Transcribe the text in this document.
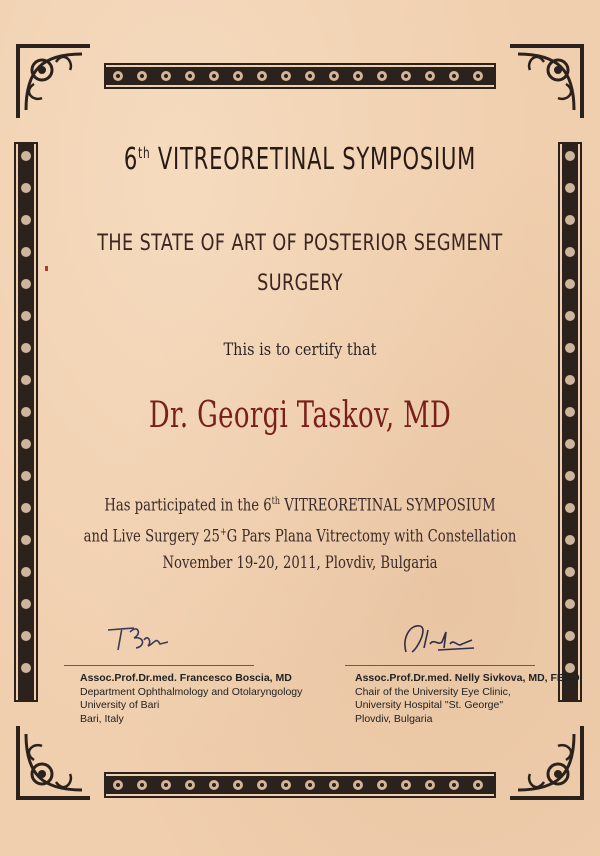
6th VITREORETINAL SYMPOSIUM
THE STATE OF ART OF POSTERIOR SEGMENT
SURGERY
This is to certify that
Dr. Georgi Taskov, MD
Has participated in the 6th VITREORETINAL SYMPOSIUM
and Live Surgery 25+G Pars Plana Vitrectomy with Constellation
November 19-20, 2011, Plovdiv, Bulgaria
Assoc.Prof.Dr.med. Francesco Boscia, MD
Department Ophthalmology and Otolaryngology
University of Bari
Bari, Italy
Assoc.Prof.Dr.med. Nelly Sivkova, MD, FEBO
Chair of the University Eye Clinic,
University Hospital "St. George"
Plovdiv, Bulgaria
